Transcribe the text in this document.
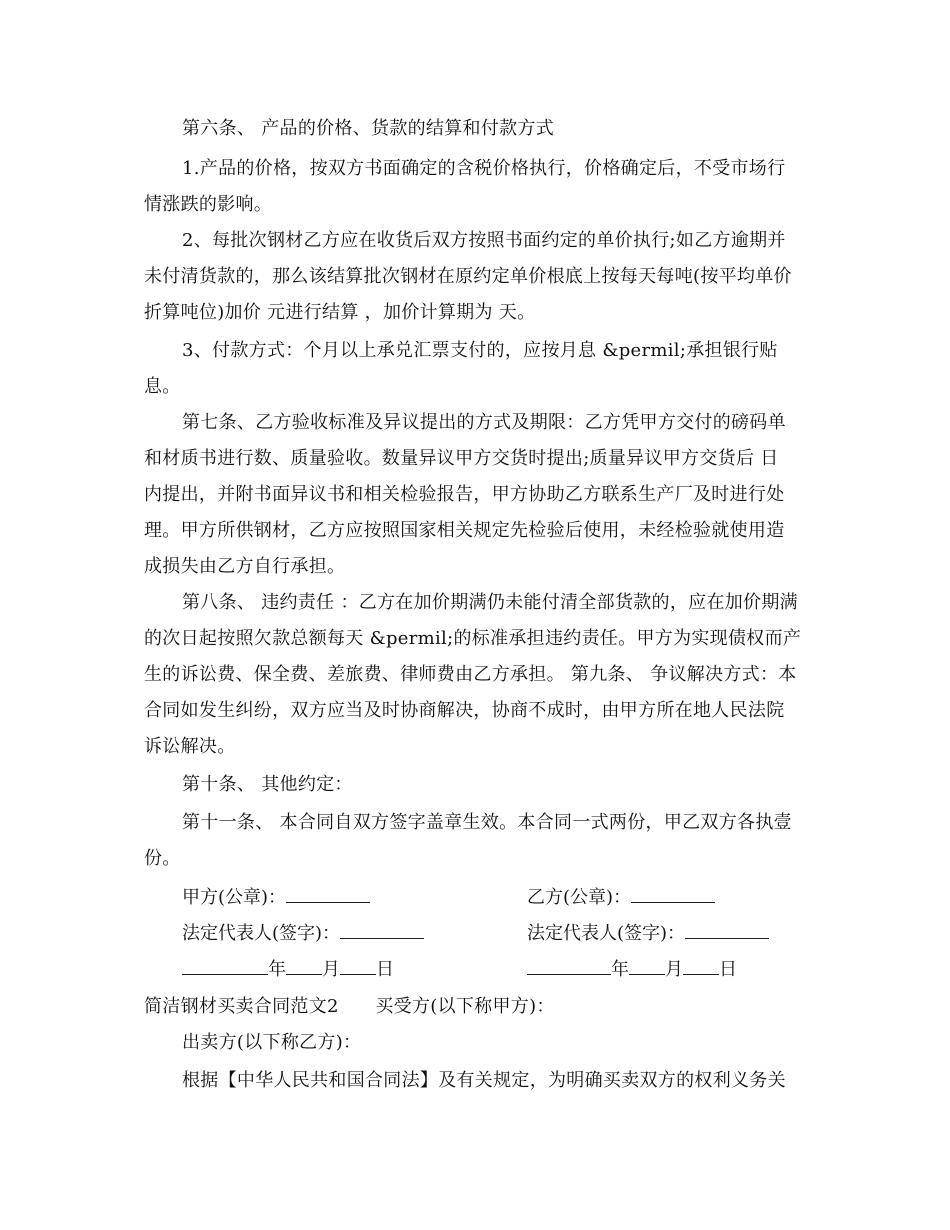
第六条、 产品的价格、货款的结算和付款方式
1.产品的价格，按双方书面确定的含税价格执行，价格确定后，不受市场行
情涨跌的影响。
2、每批次钢材乙方应在收货后双方按照书面约定的单价执行;如乙方逾期并
未付清货款的，那么该结算批次钢材在原约定单价根底上按每天每吨(按平均单价
折算吨位)加价 元进行结算 ，加价计算期为 天。
3、付款方式：个月以上承兑汇票支付的，应按月息 &permil;承担银行贴
息。
第七条、乙方验收标准及异议提出的方式及期限：乙方凭甲方交付的磅码单
和材质书进行数、质量验收。数量异议甲方交货时提出;质量异议甲方交货后 日
内提出，并附书面异议书和相关检验报告，甲方协助乙方联系生产厂及时进行处
理。甲方所供钢材，乙方应按照国家相关规定先检验后使用，未经检验就使用造
成损失由乙方自行承担。
第八条、 违约责任 ：乙方在加价期满仍未能付清全部货款的，应在加价期满
的次日起按照欠款总额每天 &permil;的标准承担违约责任。甲方为实现债权而产
生的诉讼费、保全费、差旅费、律师费由乙方承担。 第九条、 争议解决方式：本
合同如发生纠纷，双方应当及时协商解决，协商不成时，由甲方所在地人民法院
诉讼解决。
第十条、 其他约定：
第十一条、 本合同自双方签字盖章生效。本合同一式两份，甲乙双方各执壹
份。
甲方(公章)：	乙方(公章)：
法定代表人(签字)：	法定代表人(签字)：
年 月 日	年 月 日
简洁钢材买卖合同范文2　　买受方(以下称甲方)：
出卖方(以下称乙方)：
根据【中华人民共和国合同法】及有关规定，为明确买卖双方的权利义务关
